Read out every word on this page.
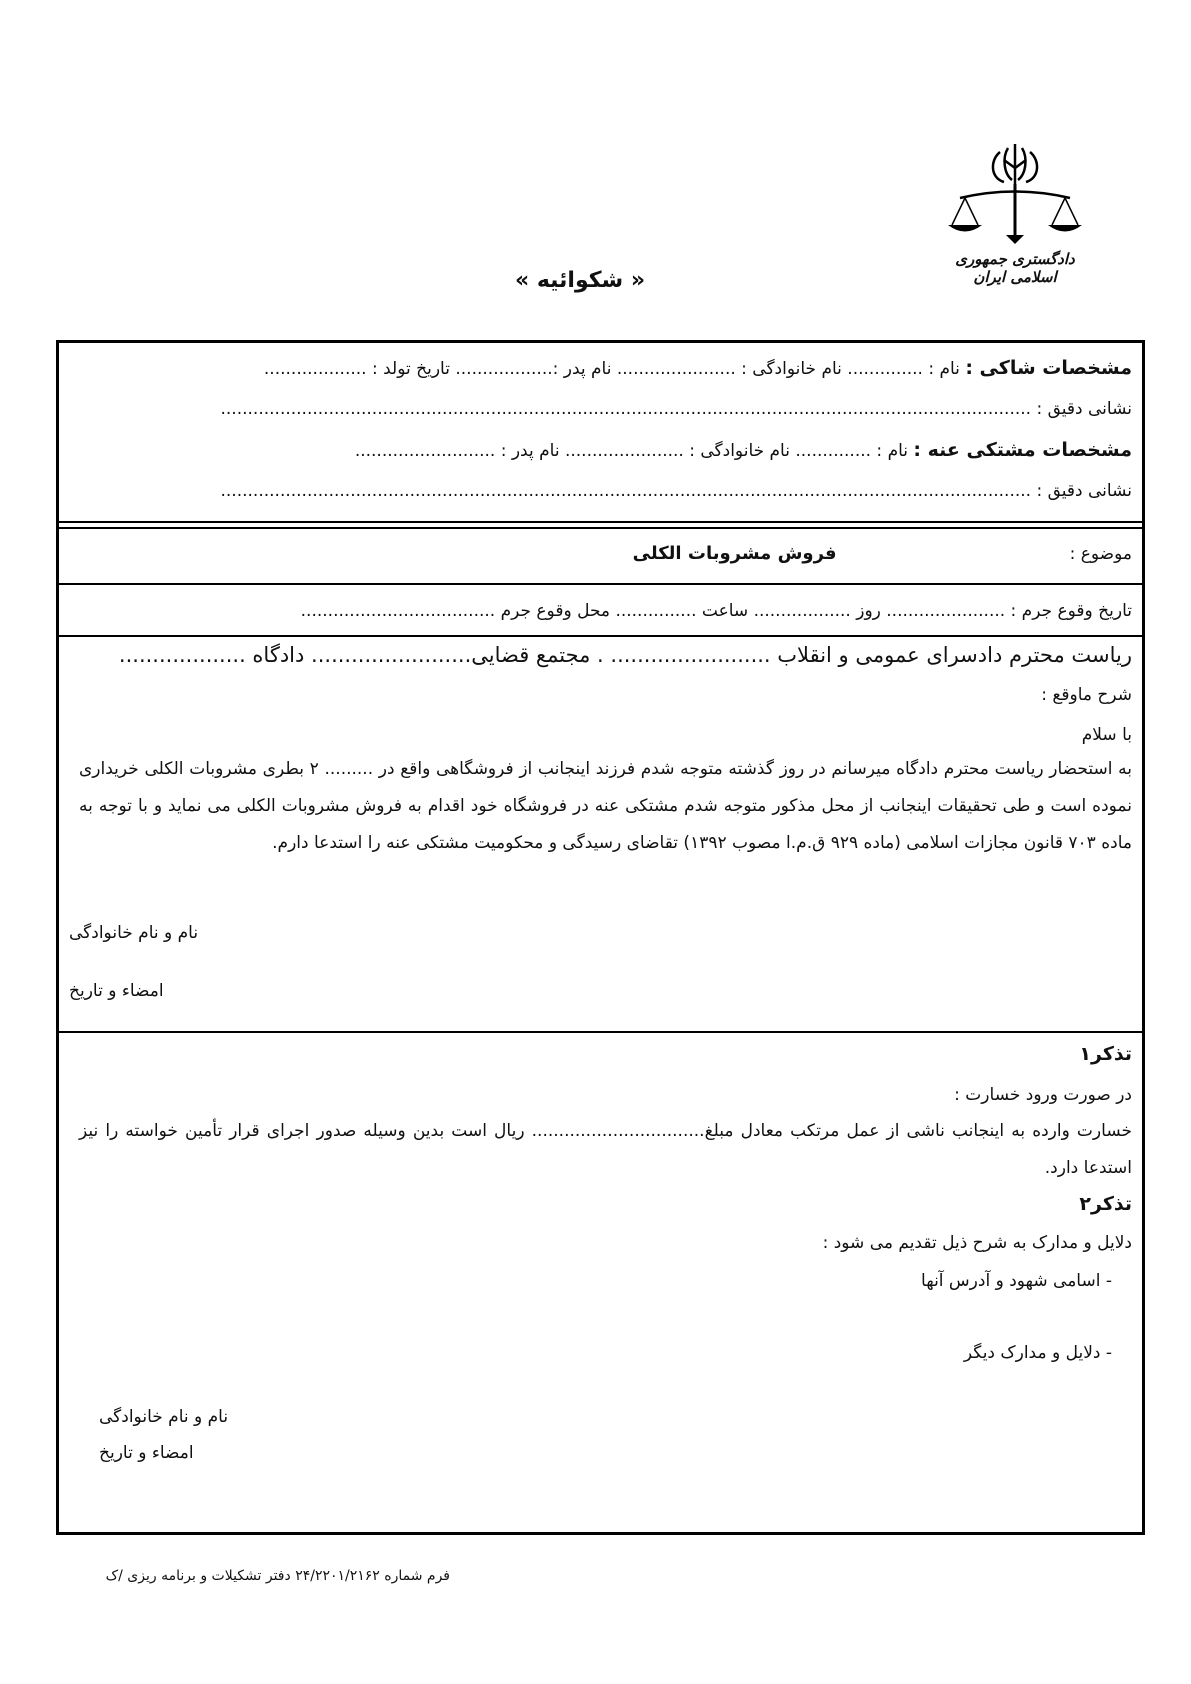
دادگستری جمهوری اسلامی ایران
« شکوائیه »
مشخصات شاکی : نام : .............. نام خانوادگی : ...................... نام پدر :.................. تاریخ تولد : ...................
نشانی دقیق : ......................................................................................................................................................
مشخصات مشتکی عنه : نام : .............. نام خانوادگی : ...................... نام پدر : ..........................
نشانی دقیق : ......................................................................................................................................................
موضوع : فروش مشروبات الکلی
تاریخ وقوع جرم : ...................... روز .................. ساعت ............... محل وقوع جرم ....................................
ریاست محترم دادسرای عمومی و انقلاب ........................ . مجتمع قضایی........................ دادگاه ...................
شرح ماوقع :
با سلام
به استحضار ریاست محترم دادگاه میرسانم در روز گذشته متوجه شدم فرزند اینجانب از فروشگاهی واقع در ......... ۲ بطری مشروبات الکلی خریداری نموده است و طی تحقیقات اینجانب از محل مذکور متوجه شدم مشتکی عنه در فروشگاه خود اقدام به فروش مشروبات الکلی می نماید و با توجه به ماده ۷۰۳ قانون مجازات اسلامی (ماده ۹۲۹ ق.م.ا مصوب ۱۳۹۲) تقاضای رسیدگی و محکومیت مشتکی عنه را استدعا دارم.
نام و نام خانوادگی
امضاء و تاریخ
تذکر۱
در صورت ورود خسارت :
خسارت وارده به اینجانب ناشی از عمل مرتکب معادل مبلغ................................ ریال است بدین وسیله صدور اجرای قرار تأمین خواسته را نیز استدعا دارد.
تذکر۲
دلایل و مدارک به شرح ذیل تقدیم می شود :
- اسامی شهود و آدرس آنها
- دلایل و مدارک دیگر
نام و نام خانوادگی
امضاء و تاریخ
فرم شماره ۲۴/۲۲۰۱/۲۱۶۲ دفتر تشکیلات و برنامه ریزی /ک
